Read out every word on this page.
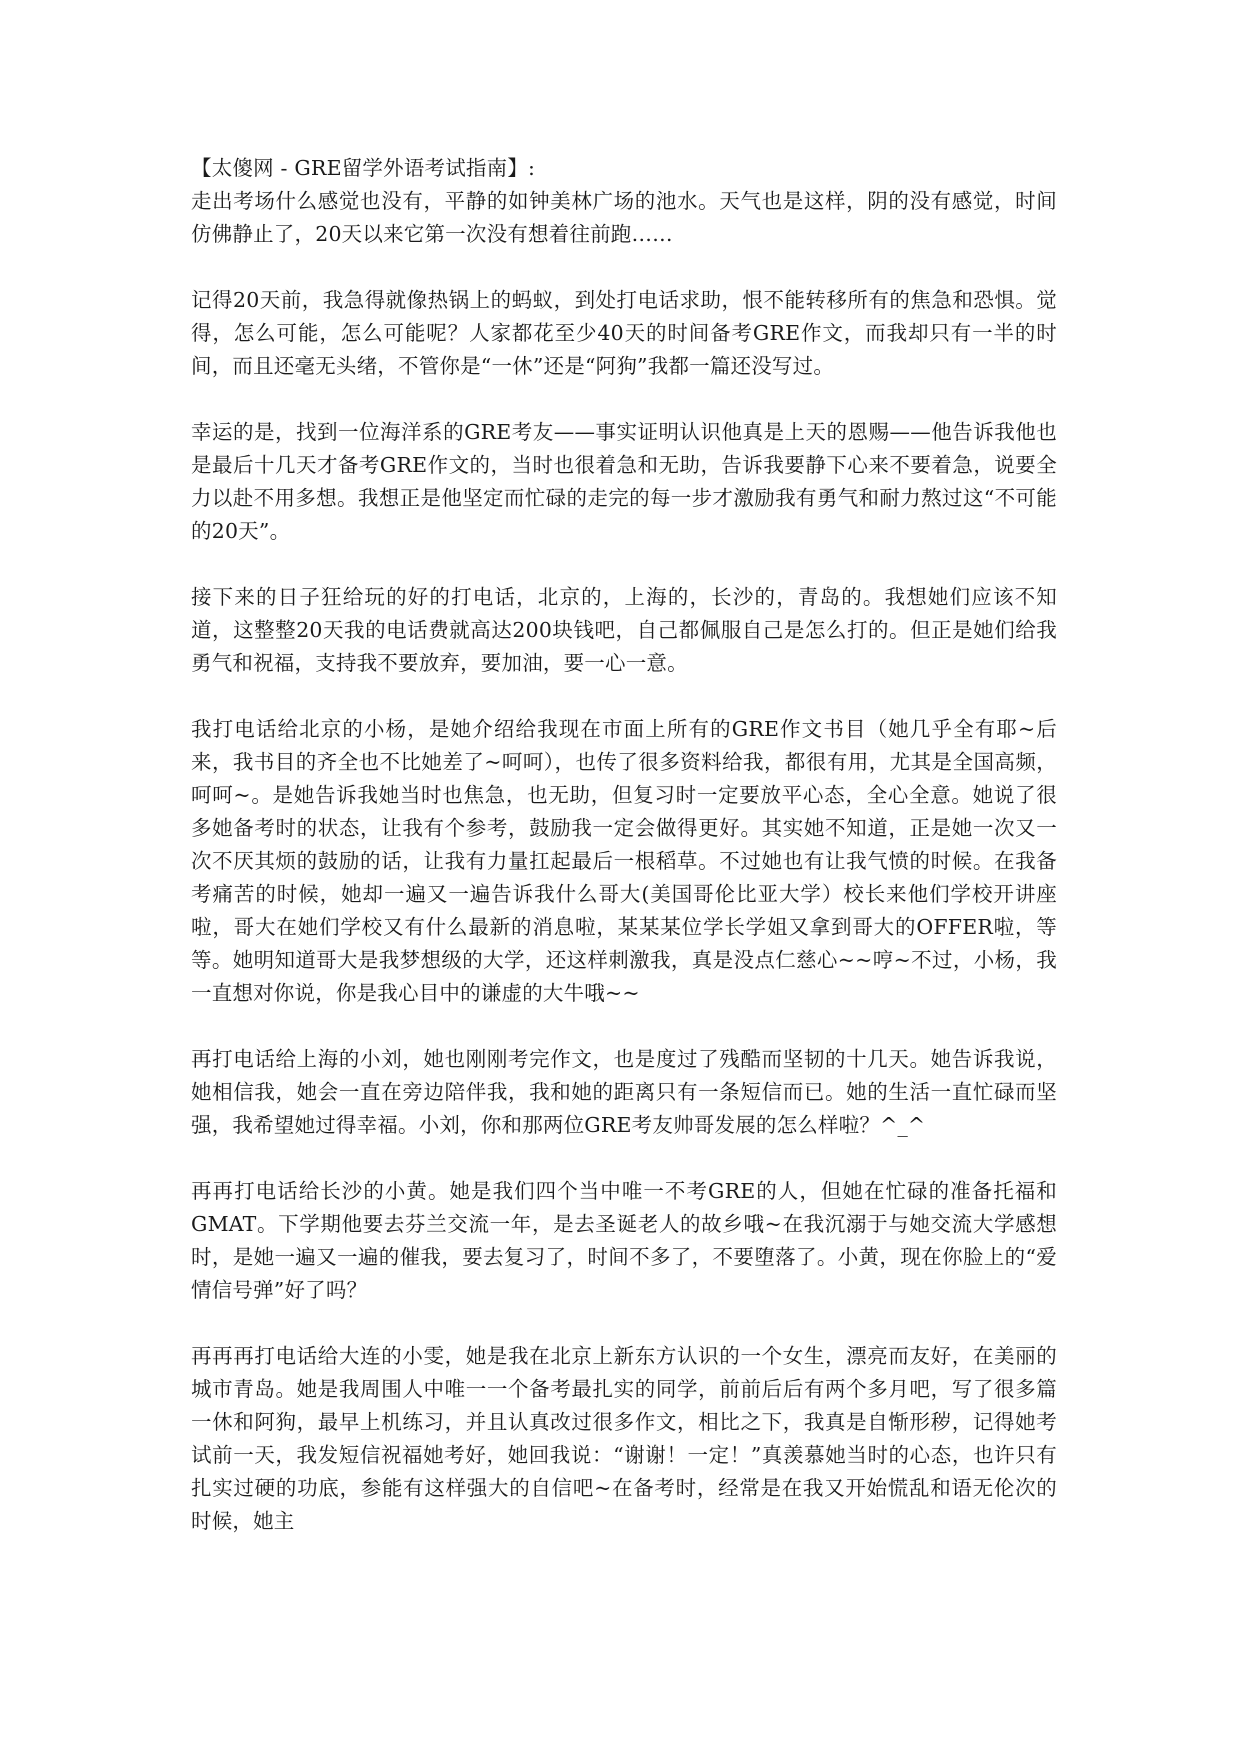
【太傻网 - GRE留学外语考试指南】:

走出考场什么感觉也没有，平静的如钟美林广场的池水。天气也是这样，阴的没有感觉，时间仿佛静止了，20天以来它第一次没有想着往前跑……

记得20天前，我急得就像热锅上的蚂蚁，到处打电话求助，恨不能转移所有的焦急和恐惧。觉得，怎么可能，怎么可能呢？人家都花至少40天的时间备考GRE作文，而我却只有一半的时间，而且还毫无头绪，不管你是“一休”还是“阿狗”我都一篇还没写过。

幸运的是，找到一位海洋系的GRE考友——事实证明认识他真是上天的恩赐——他告诉我他也是最后十几天才备考GRE作文的，当时也很着急和无助，告诉我要静下心来不要着急，说要全力以赴不用多想。我想正是他坚定而忙碌的走完的每一步才激励我有勇气和耐力熬过这“不可能的20天”。

接下来的日子狂给玩的好的打电话，北京的，上海的，长沙的，青岛的。我想她们应该不知道，这整整20天我的电话费就高达200块钱吧，自己都佩服自己是怎么打的。但正是她们给我勇气和祝福，支持我不要放弃，要加油，要一心一意。

我打电话给北京的小杨，是她介绍给我现在市面上所有的GRE作文书目（她几乎全有耶~后来，我书目的齐全也不比她差了~呵呵），也传了很多资料给我，都很有用，尤其是全国高频，呵呵~。是她告诉我她当时也焦急，也无助，但复习时一定要放平心态，全心全意。她说了很多她备考时的状态，让我有个参考，鼓励我一定会做得更好。其实她不知道，正是她一次又一次不厌其烦的鼓励的话，让我有力量扛起最后一根稻草。不过她也有让我气愤的时候。在我备考痛苦的时候，她却一遍又一遍告诉我什么哥大(美国哥伦比亚大学）校长来他们学校开讲座啦，哥大在她们学校又有什么最新的消息啦，某某某位学长学姐又拿到哥大的OFFER啦，等等。她明知道哥大是我梦想级的大学，还这样刺激我，真是没点仁慈心~~哼~不过，小杨，我一直想对你说，你是我心目中的谦虚的大牛哦~~

再打电话给上海的小刘，她也刚刚考完作文，也是度过了残酷而坚韧的十几天。她告诉我说，她相信我，她会一直在旁边陪伴我，我和她的距离只有一条短信而已。她的生活一直忙碌而坚强，我希望她过得幸福。小刘，你和那两位GRE考友帅哥发展的怎么样啦？^_^

再再打电话给长沙的小黄。她是我们四个当中唯一不考GRE的人，但她在忙碌的准备托福和GMAT。下学期他要去芬兰交流一年，是去圣诞老人的故乡哦~在我沉溺于与她交流大学感想时，是她一遍又一遍的催我，要去复习了，时间不多了，不要堕落了。小黄，现在你脸上的“爱情信号弹”好了吗？

再再再打电话给大连的小雯，她是我在北京上新东方认识的一个女生，漂亮而友好，在美丽的城市青岛。她是我周围人中唯一一个备考最扎实的同学，前前后后有两个多月吧，写了很多篇一休和阿狗，最早上机练习，并且认真改过很多作文，相比之下，我真是自惭形秽，记得她考试前一天，我发短信祝福她考好，她回我说：“谢谢！一定！”真羡慕她当时的心态，也许只有扎实过硬的功底，参能有这样强大的自信吧~在备考时，经常是在我又开始慌乱和语无伦次的时候，她主
